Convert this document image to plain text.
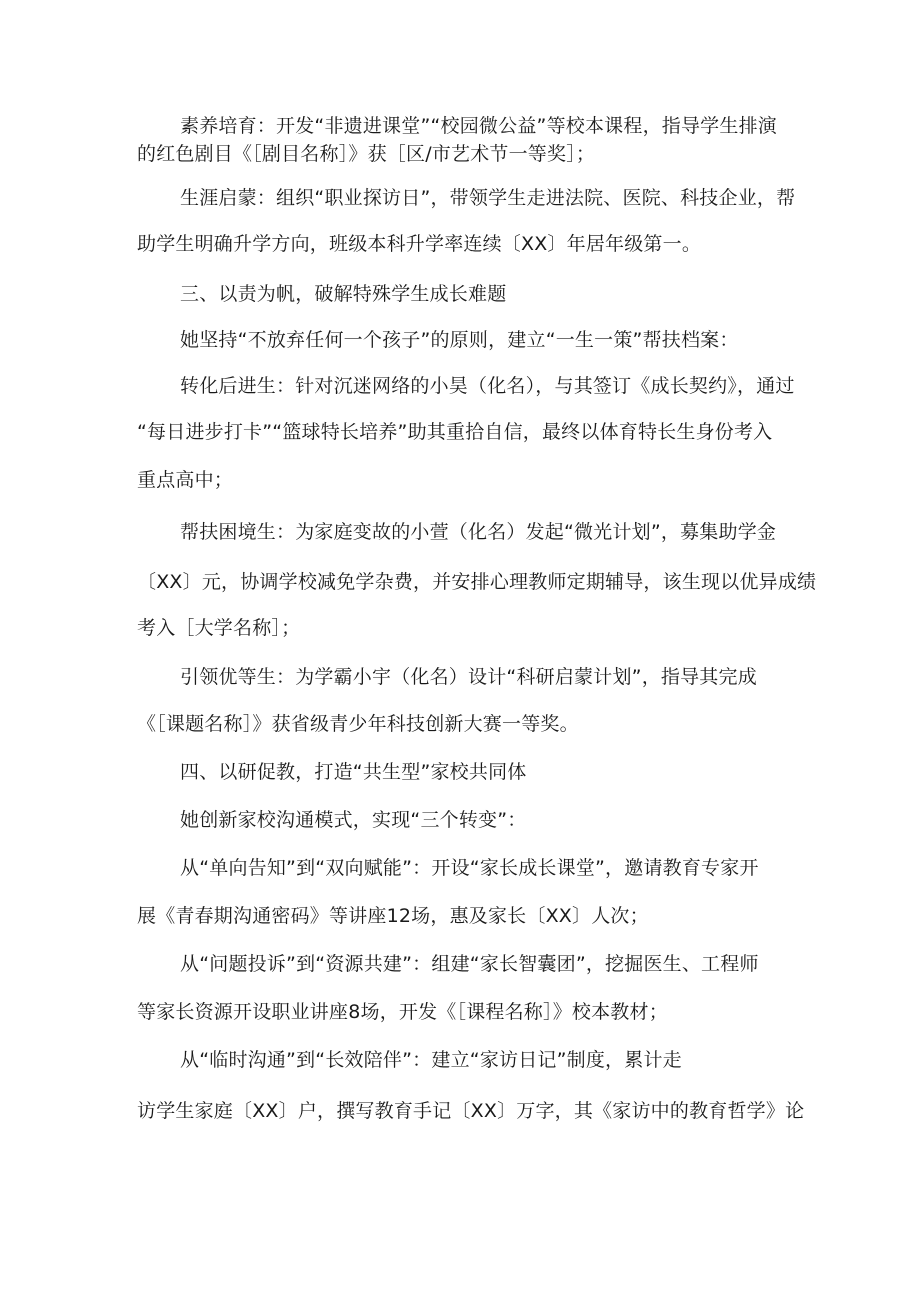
素养培育：开发“非遗进课堂”“校园微公益”等校本课程，指导学生排演
的红色剧目《［剧目名称］》获［区/市艺术节一等奖］；
生涯启蒙：组织“职业探访日”，带领学生走进法院、医院、科技企业，帮
助学生明确升学方向，班级本科升学率连续〔XX〕年居年级第一。
三、以责为帆，破解特殊学生成长难题
她坚持“不放弃任何一个孩子”的原则，建立“一生一策”帮扶档案：
转化后进生：针对沉迷网络的小昊（化名），与其签订《成长契约》，通过
“每日进步打卡”“篮球特长培养”助其重拾自信，最终以体育特长生身份考入
重点高中；
帮扶困境生：为家庭变故的小萱（化名）发起“微光计划”，募集助学金
〔XX〕元，协调学校减免学杂费，并安排心理教师定期辅导，该生现以优异成绩
考入［大学名称］；
引领优等生：为学霸小宇（化名）设计“科研启蒙计划”，指导其完成
《［课题名称］》获省级青少年科技创新大赛一等奖。
四、以研促教，打造“共生型”家校共同体
她创新家校沟通模式，实现“三个转变”：
从“单向告知”到“双向赋能”：开设“家长成长课堂”，邀请教育专家开
展《青春期沟通密码》等讲座12场，惠及家长〔XX〕人次；
从“问题投诉”到“资源共建”：组建“家长智囊团”，挖掘医生、工程师
等家长资源开设职业讲座8场，开发《［课程名称］》校本教材；
从“临时沟通”到“长效陪伴”：建立“家访日记”制度，累计走
访学生家庭〔XX〕户，撰写教育手记〔XX〕万字，其《家访中的教育哲学》论
